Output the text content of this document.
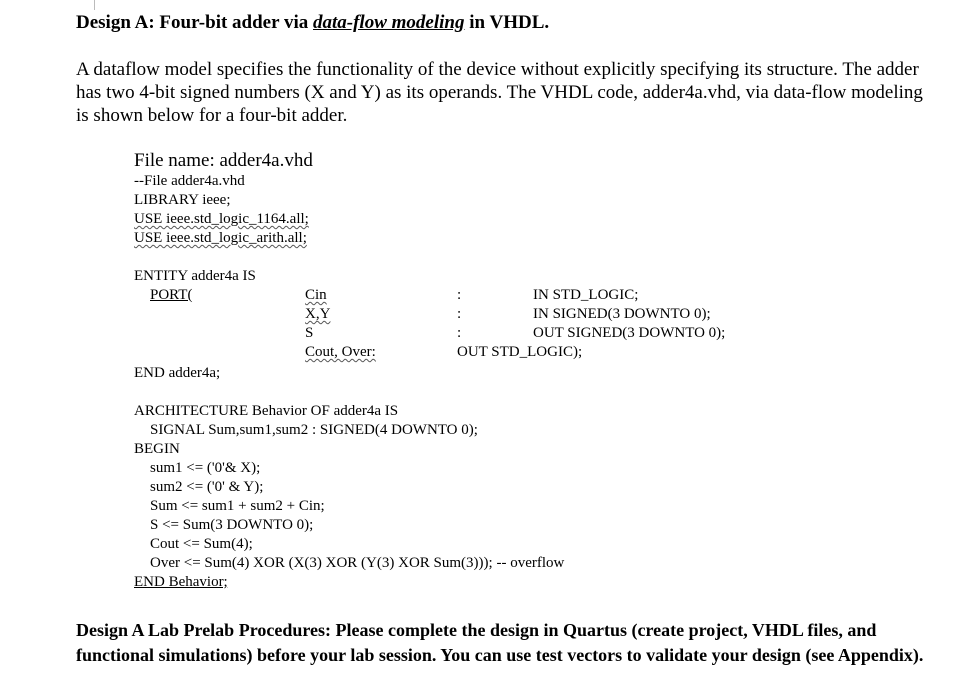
Design A: Four-bit adder via data-flow modeling in VHDL.
A dataflow model specifies the functionality of the device without explicitly specifying its structure. The adder has two 4-bit signed numbers (X and Y) as its operands. The VHDL code, adder4a.vhd, via data-flow modeling is shown below for a four-bit adder.
File name: adder4a.vhd
--File adder4a.vhd
LIBRARY ieee;
USE ieee.std_logic_1164.all;
USE ieee.std_logic_arith.all;
ENTITY adder4a IS
PORT(	Cin
X,Y
S
Cout, Over:
:
:
:
IN STD_LOGIC;
IN SIGNED(3 DOWNTO 0);
OUT SIGNED(3 DOWNTO 0);
OUT STD_LOGIC);
END adder4a;
ARCHITECTURE Behavior OF adder4a IS
SIGNAL Sum,sum1,sum2 : SIGNED(4 DOWNTO 0);
BEGIN
sum1 <= ('0'& X);
sum2 <= ('0' & Y);
Sum <= sum1 + sum2 + Cin;
S <= Sum(3 DOWNTO 0);
Cout <= Sum(4);
Over <= Sum(4) XOR (X(3) XOR (Y(3) XOR Sum(3))); -- overflow
END Behavior;
Design A Lab Prelab Procedures: Please complete the design in Quartus (create project, VHDL files, and functional simulations) before your lab session. You can use test vectors to validate your design (see Appendix).
